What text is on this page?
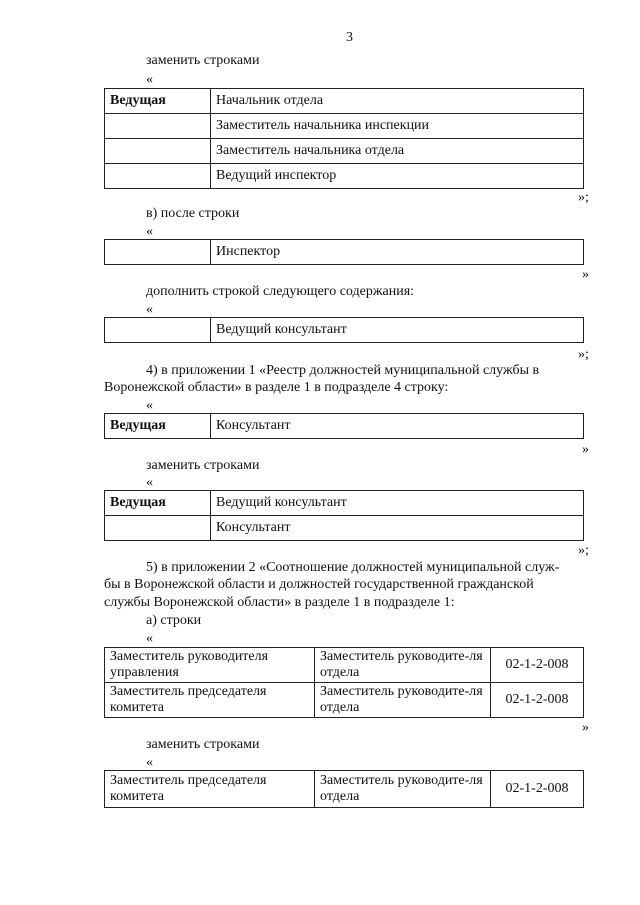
3
заменить строками
«
Ведущая	Начальник отдела
	Заместитель начальника инспекции
	Заместитель начальника отдела
	Ведущий инспектор
»;
в) после строки
«
	Инспектор
»
дополнить строкой следующего содержания:
«
	Ведущий консультант
»;
4) в приложении 1 «Реестр должностей муниципальной службы в
Воронежской области» в разделе 1 в подразделе 4 строку:
«
Ведущая	Консультант
»
заменить строками
«
Ведущая	Ведущий консультант
	Консультант
»;
5) в приложении 2 «Соотношение должностей муниципальной служ-
бы в Воронежской области и должностей государственной гражданской
службы Воронежской области» в разделе 1 в подразделе 1:
а) строки
«
Заместитель руководителя управления	Заместитель руководите-ля отдела	02-1-2-008
Заместитель председателя комитета	Заместитель руководите-ля отдела	02-1-2-008
»
заменить строками
«
Заместитель председателя комитета	Заместитель руководите-ля отдела	02-1-2-008
